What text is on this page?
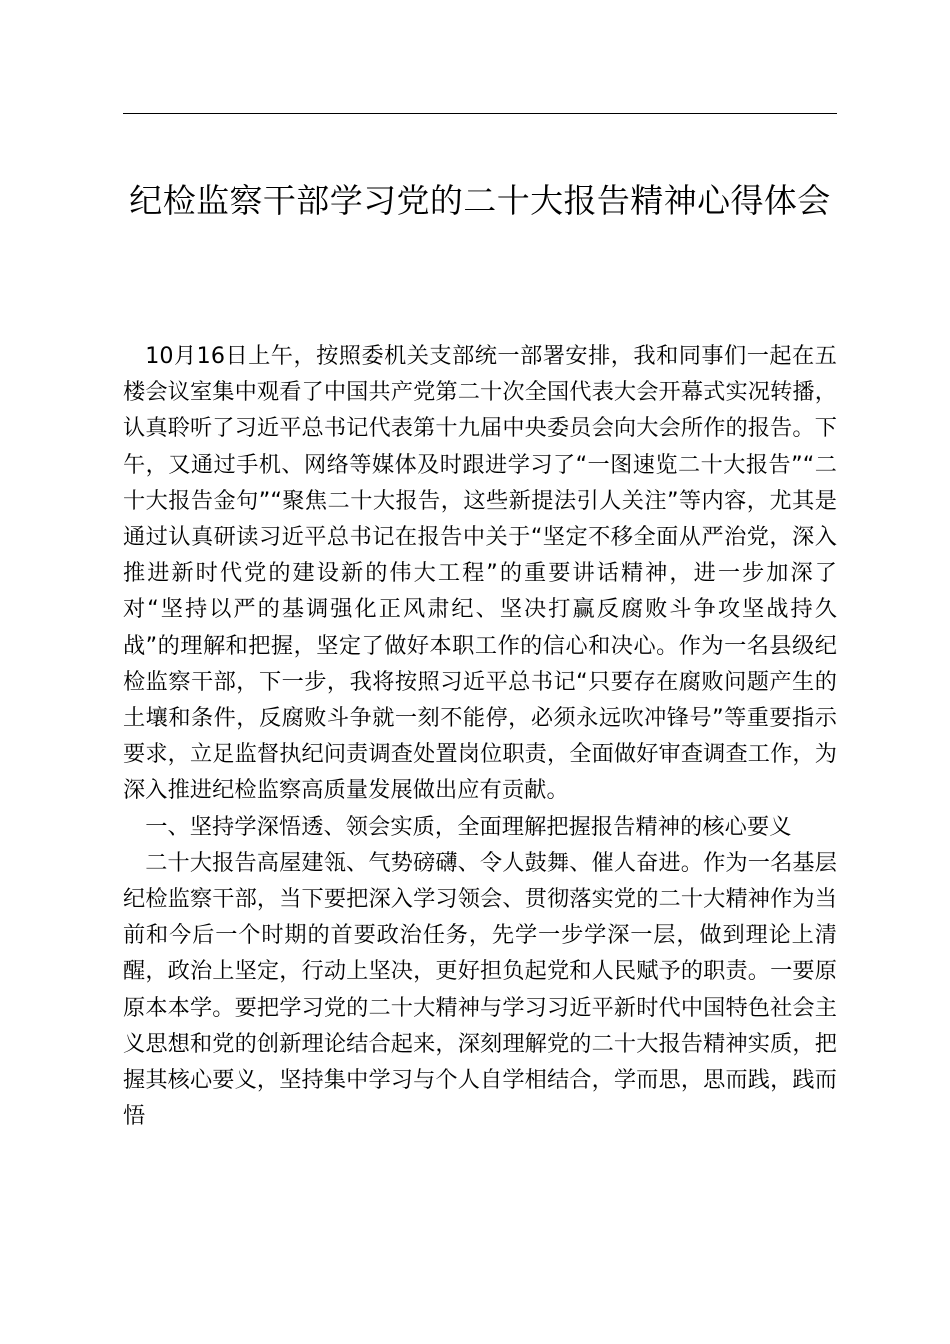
纪检监察干部学习党的二十大报告精神心得体会

10月16日上午，按照委机关支部统一部署安排，我和同事们一起在五楼会议室集中观看了中国共产党第二十次全国代表大会开幕式实况转播，认真聆听了习近平总书记代表第十九届中央委员会向大会所作的报告。下午，又通过手机、网络等媒体及时跟进学习了“一图速览二十大报告”“二十大报告金句”“聚焦二十大报告，这些新提法引人关注”等内容，尤其是通过认真研读习近平总书记在报告中关于“坚定不移全面从严治党，深入推进新时代党的建设新的伟大工程”的重要讲话精神，进一步加深了对“坚持以严的基调强化正风肃纪、坚决打赢反腐败斗争攻坚战持久战”的理解和把握，坚定了做好本职工作的信心和决心。作为一名县级纪检监察干部，下一步，我将按照习近平总书记“只要存在腐败问题产生的土壤和条件，反腐败斗争就一刻不能停，必须永远吹冲锋号”等重要指示要求，立足监督执纪问责调查处置岗位职责，全面做好审查调查工作，为深入推进纪检监察高质量发展做出应有贡献。

一、坚持学深悟透、领会实质，全面理解把握报告精神的核心要义

二十大报告高屋建瓴、气势磅礴、令人鼓舞、催人奋进。作为一名基层纪检监察干部，当下要把深入学习领会、贯彻落实党的二十大精神作为当前和今后一个时期的首要政治任务，先学一步学深一层，做到理论上清醒，政治上坚定，行动上坚决，更好担负起党和人民赋予的职责。一要原原本本学。要把学习党的二十大精神与学习习近平新时代中国特色社会主义思想和党的创新理论结合起来，深刻理解党的二十大报告精神实质，把握其核心要义，坚持集中学习与个人自学相结合，学而思，思而践，践而悟
